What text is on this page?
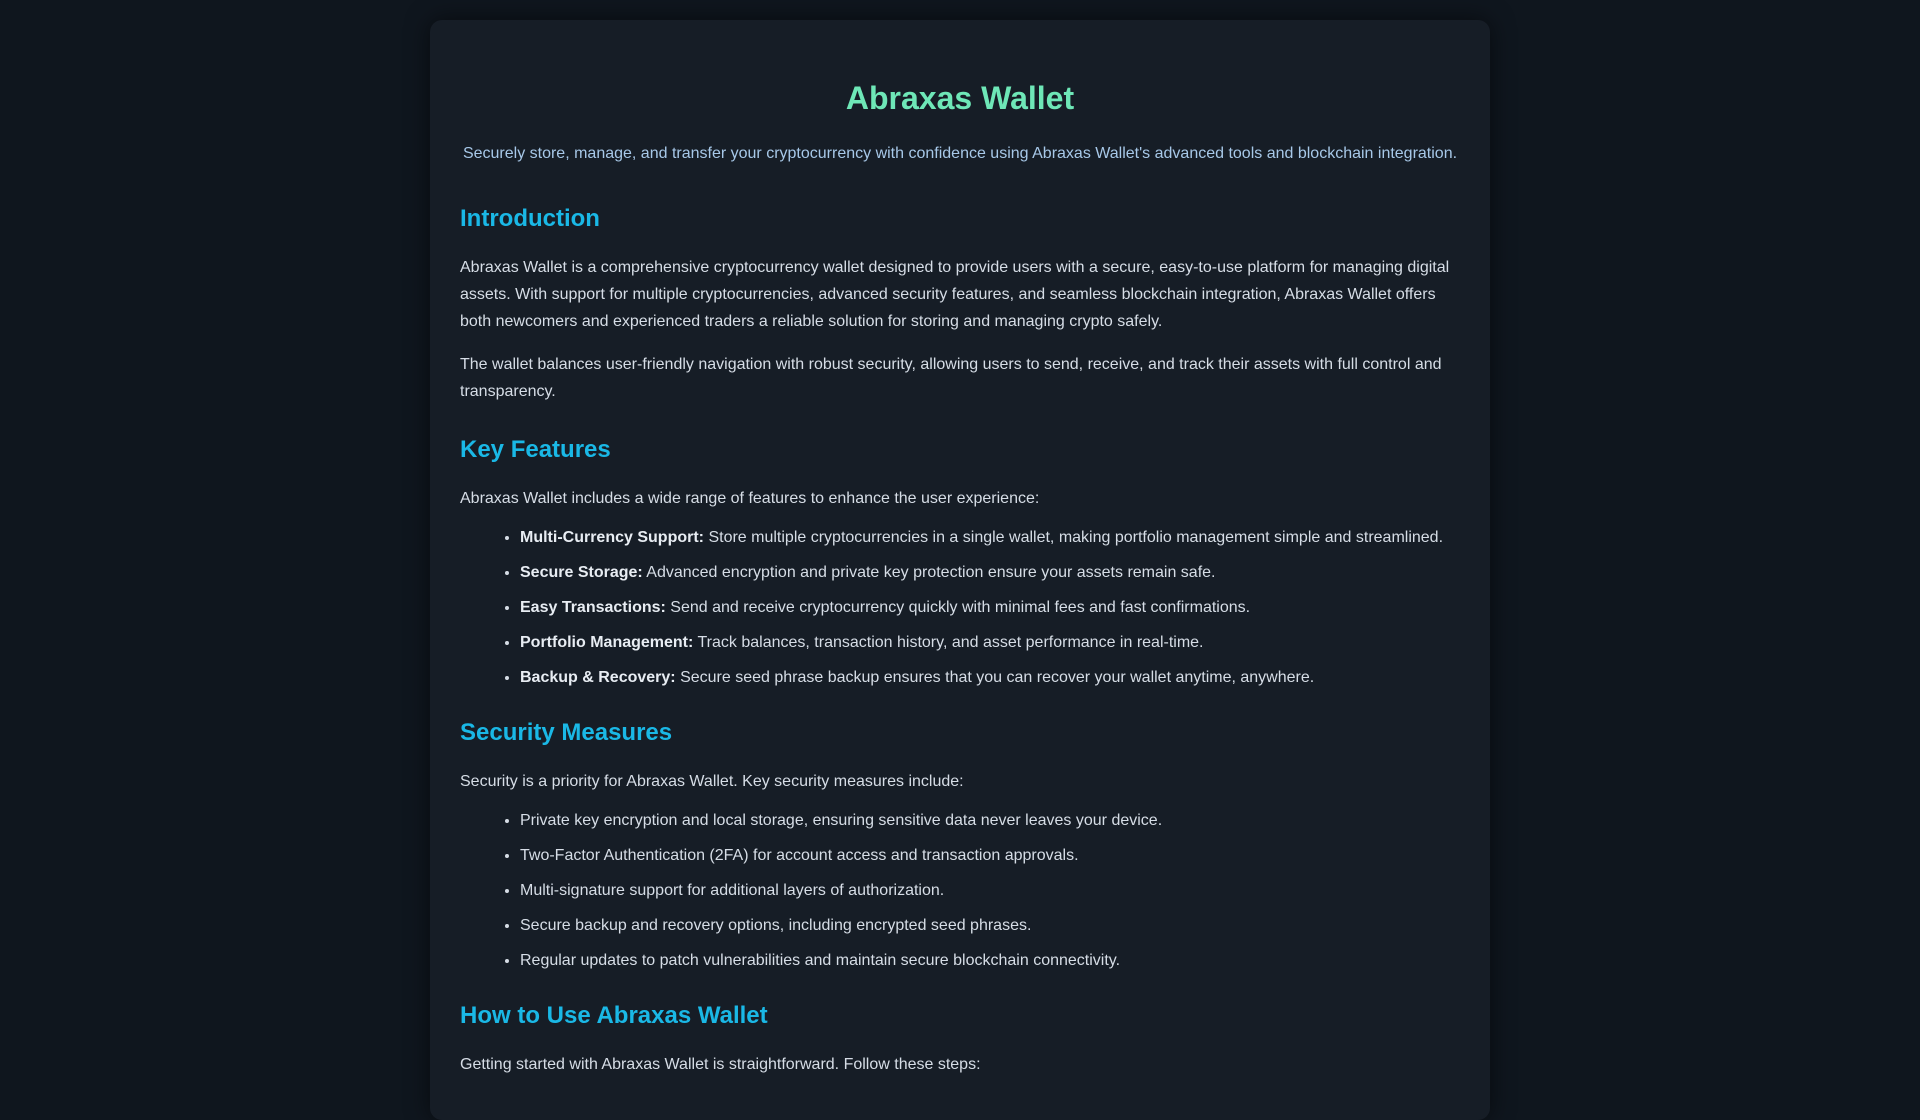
Abraxas Wallet

Securely store, manage, and transfer your cryptocurrency with confidence using Abraxas Wallet's advanced tools and blockchain integration.

Introduction

Abraxas Wallet is a comprehensive cryptocurrency wallet designed to provide users with a secure, easy-to-use platform for managing digital assets. With support for multiple cryptocurrencies, advanced security features, and seamless blockchain integration, Abraxas Wallet offers both newcomers and experienced traders a reliable solution for storing and managing crypto safely.

The wallet balances user-friendly navigation with robust security, allowing users to send, receive, and track their assets with full control and transparency.

Key Features

Abraxas Wallet includes a wide range of features to enhance the user experience:

• Multi-Currency Support: Store multiple cryptocurrencies in a single wallet, making portfolio management simple and streamlined.
• Secure Storage: Advanced encryption and private key protection ensure your assets remain safe.
• Easy Transactions: Send and receive cryptocurrency quickly with minimal fees and fast confirmations.
• Portfolio Management: Track balances, transaction history, and asset performance in real-time.
• Backup & Recovery: Secure seed phrase backup ensures that you can recover your wallet anytime, anywhere.
Security Measures

Security is a priority for Abraxas Wallet. Key security measures include:

• Private key encryption and local storage, ensuring sensitive data never leaves your device.
• Two-Factor Authentication (2FA) for account access and transaction approvals.
• Multi-signature support for additional layers of authorization.
• Secure backup and recovery options, including encrypted seed phrases.
• Regular updates to patch vulnerabilities and maintain secure blockchain connectivity.
How to Use Abraxas Wallet

Getting started with Abraxas Wallet is straightforward. Follow these steps:
